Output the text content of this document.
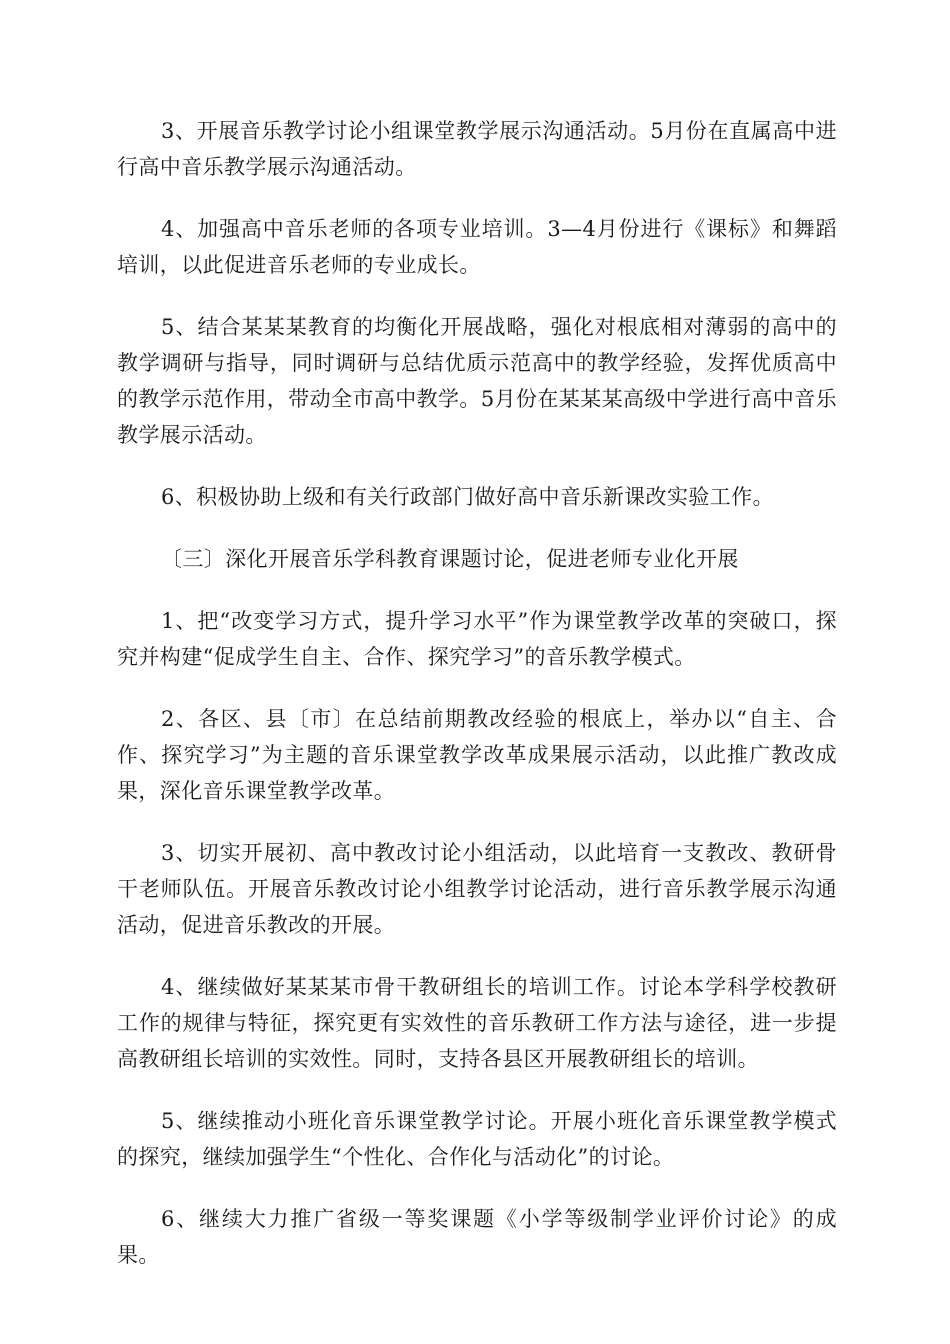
3、开展音乐教学讨论小组课堂教学展示沟通活动。5月份在直属高中进行高中音乐教学展示沟通活动。

4、加强高中音乐老师的各项专业培训。3—4月份进行《课标》和舞蹈培训，以此促进音乐老师的专业成长。

5、结合某某某教育的均衡化开展战略，强化对根底相对薄弱的高中的教学调研与指导，同时调研与总结优质示范高中的教学经验，发挥优质高中的教学示范作用，带动全市高中教学。5月份在某某某高级中学进行高中音乐教学展示活动。

6、积极协助上级和有关行政部门做好高中音乐新课改实验工作。

〔三〕深化开展音乐学科教育课题讨论，促进老师专业化开展

1、把“改变学习方式，提升学习水平”作为课堂教学改革的突破口，探究并构建“促成学生自主、合作、探究学习”的音乐教学模式。

2、各区、县〔市〕在总结前期教改经验的根底上，举办以“自主、合作、探究学习”为主题的音乐课堂教学改革成果展示活动，以此推广教改成果，深化音乐课堂教学改革。

3、切实开展初、高中教改讨论小组活动，以此培育一支教改、教研骨干老师队伍。开展音乐教改讨论小组教学讨论活动，进行音乐教学展示沟通活动，促进音乐教改的开展。

4、继续做好某某某市骨干教研组长的培训工作。讨论本学科学校教研工作的规律与特征，探究更有实效性的音乐教研工作方法与途径，进一步提高教研组长培训的实效性。同时，支持各县区开展教研组长的培训。

5、继续推动小班化音乐课堂教学讨论。开展小班化音乐课堂教学模式的探究，继续加强学生“个性化、合作化与活动化”的讨论。

6、继续大力推广省级一等奖课题《小学等级制学业评价讨论》的成果。
